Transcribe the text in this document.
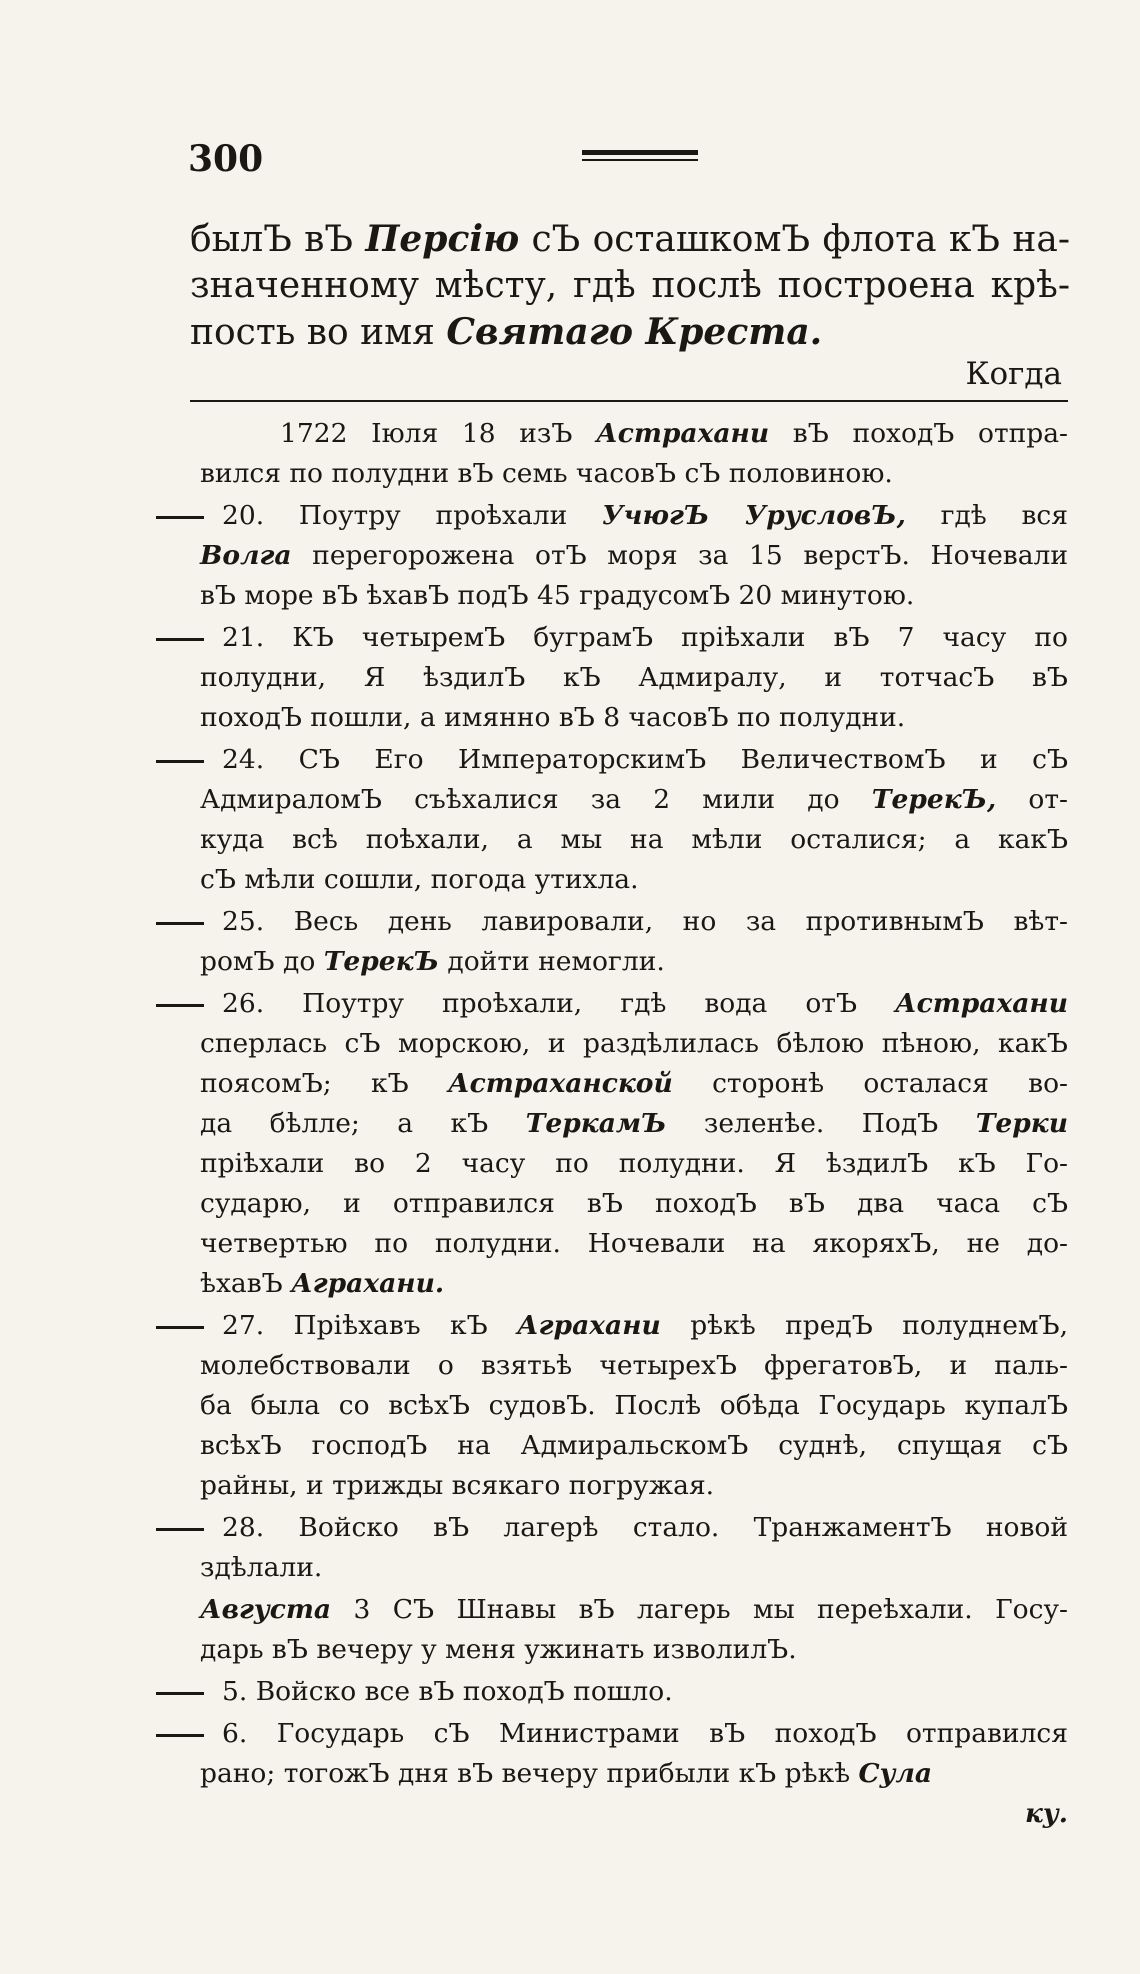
300
былЪ вЪ Персію сЪ осташкомЪ флота кЪ на-
значенному мѣсту, гдѣ послѣ построена крѣ-
пость во имя Святаго Креста.
Когда
1722 Іюля 18 изЪ Астрахани вЪ походЪ отпра-
вился по полудни вЪ семь часовЪ сЪ половиною.
20. Поутру проѣхали УчюгЪ УрусловЪ, гдѣ вся
Волга перегорожена отЪ моря за 15 верстЪ. Ночевали
вЪ море вЪ ѣхавЪ подЪ 45 градусомЪ 20 минутою.
21. КЪ четыремЪ буграмЪ пріѣхали вЪ 7 часу по
полудни, Я ѣздилЪ кЪ Адмиралу, и тотчасЪ вЪ
походЪ пошли, а имянно вЪ 8 часовЪ по полудни.
24. СЪ Его ИмператорскимЪ ВеличествомЪ и сЪ
АдмираломЪ съѣхалися за 2 мили до ТерекЪ, от-
куда всѣ поѣхали, а мы на мѣли осталися; а какЪ
сЪ мѣли сошли, погода утихла.
25. Весь день лавировали, но за противнымЪ вѣт-
ромЪ до ТерекЪ дойти немогли.
26. Поутру проѣхали, гдѣ вода отЪ Астрахани
сперлась сЪ морскою, и раздѣлилась бѣлою пѣною, какЪ
поясомЪ; кЪ Астраханской сторонѣ осталася во-
да бѣлле; а кЪ ТеркамЪ зеленѣе. ПодЪ Терки
пріѣхали во 2 часу по полудни. Я ѣздилЪ кЪ Го-
сударю, и отправился вЪ походЪ вЪ два часа сЪ
четвертью по полудни. Ночевали на якоряхЪ, не до-
ѣхавЪ Аграхани.
27. Пріѣхавъ кЪ Аграхани рѣкѣ предЪ полуднемЪ,
молебствовали о взятьѣ четырехЪ фрегатовЪ, и паль-
ба была со всѣхЪ судовЪ. Послѣ обѣда Государь купалЪ
всѣхЪ господЪ на АдмиральскомЪ суднѣ, спущая сЪ
райны, и трижды всякаго погружая.
28. Войско вЪ лагерѣ стало. ТранжаментЪ новой
здѣлали.
Августа 3 СЪ Шнавы вЪ лагерь мы переѣхали. Госу-
дарь вЪ вечеру у меня ужинать изволилЪ.
5. Войско все вЪ походЪ пошло.
6. Государь сЪ Министрами вЪ походЪ отправился
рано; тогожЪ дня вЪ вечеру прибыли кЪ рѣкѣ Сула
ку.
